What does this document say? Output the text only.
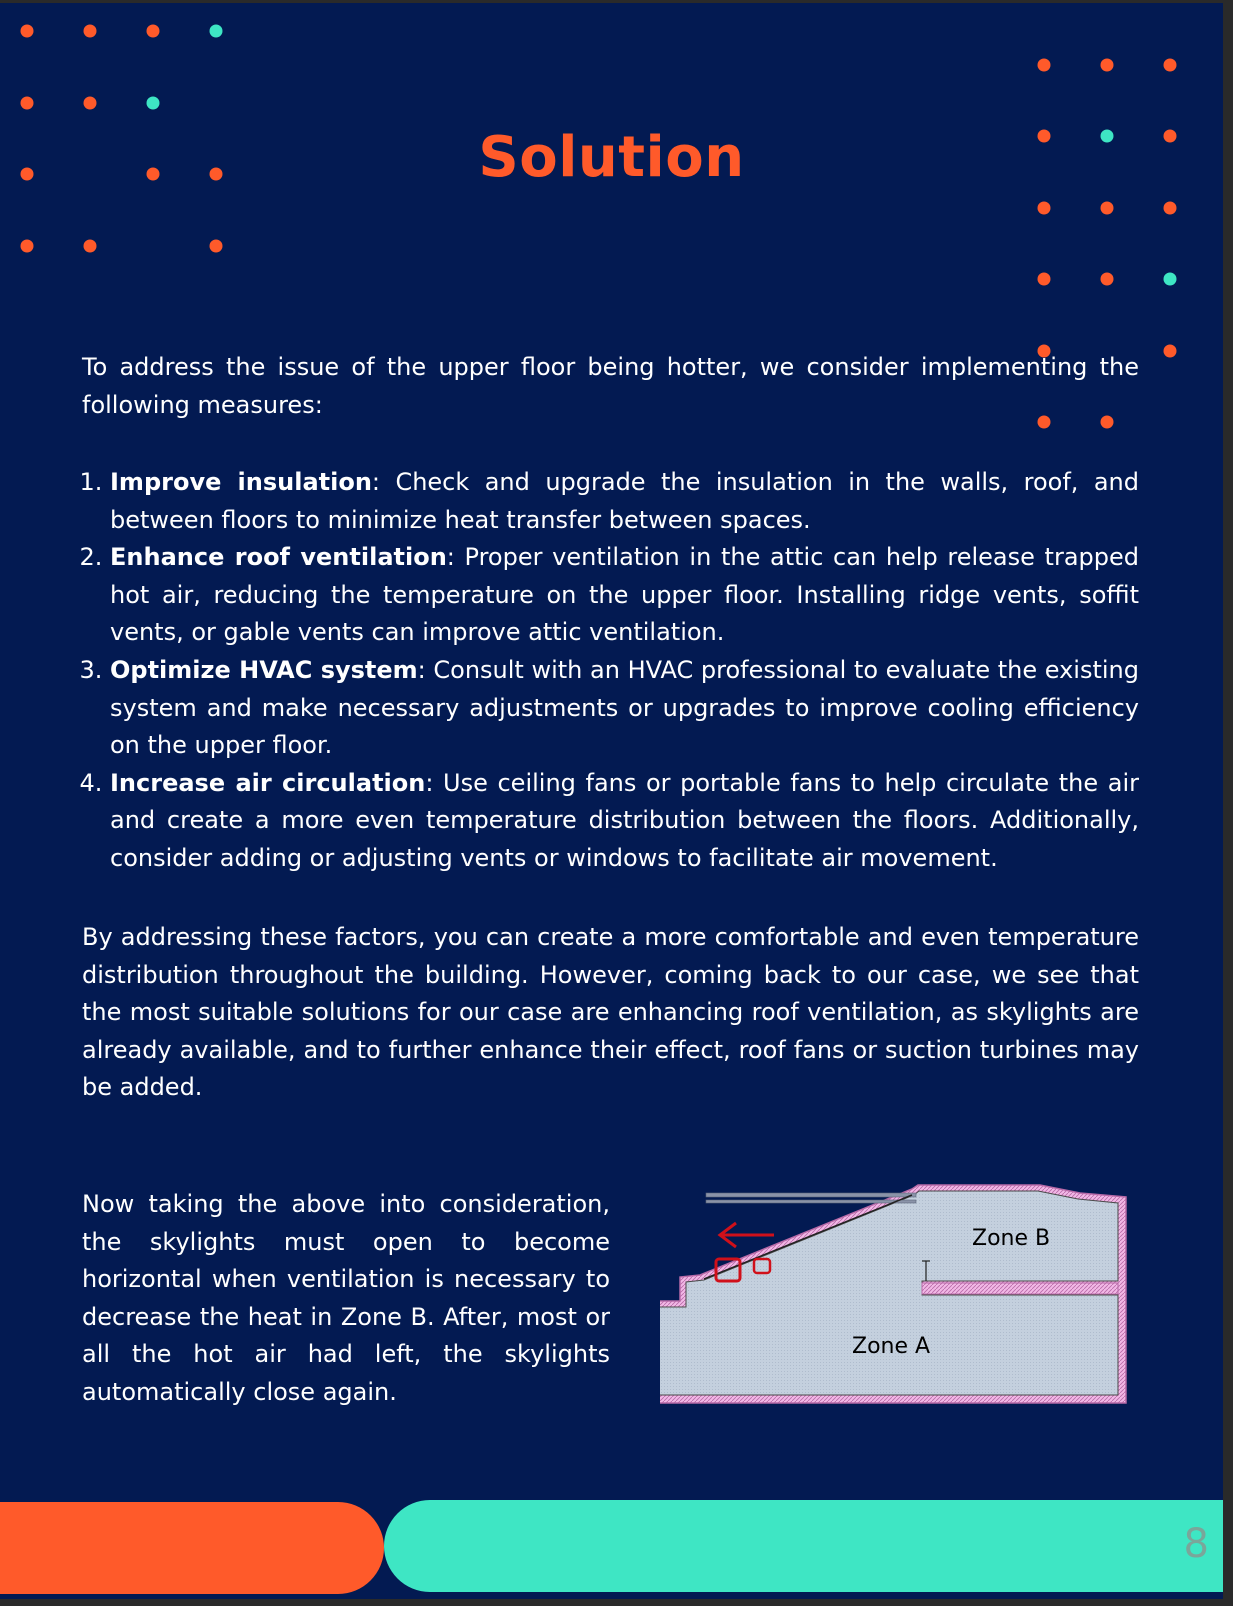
Solution
To address the issue of the upper floor being hotter, we consider implementing the following measures:
1. Improve insulation: Check and upgrade the insulation in the walls, roof, and between floors to minimize heat transfer between spaces.
2. Enhance roof ventilation: Proper ventilation in the attic can help release trapped hot air, reducing the temperature on the upper floor. Installing ridge vents, soffit vents, or gable vents can improve attic ventilation.
3. Optimize HVAC system: Consult with an HVAC professional to evaluate the existing system and make necessary adjustments or upgrades to improve cooling efficiency on the upper floor.
4. Increase air circulation: Use ceiling fans or portable fans to help circulate the air and create a more even temperature distribution between the floors. Additionally, consider adding or adjusting vents or windows to facilitate air movement.
By addressing these factors, you can create a more comfortable and even temperature distribution throughout the building. However, coming back to our case, we see that the most suitable solutions for our case are enhancing roof ventilation, as skylights are already available, and to further enhance their effect, roof fans or suction turbines may be added.
Now taking the above into consideration, the skylights must open to become horizontal when ventilation is necessary to decrease the heat in Zone B. After, most or all the hot air had left, the skylights automatically close again.
Zone B
Zone A
8
